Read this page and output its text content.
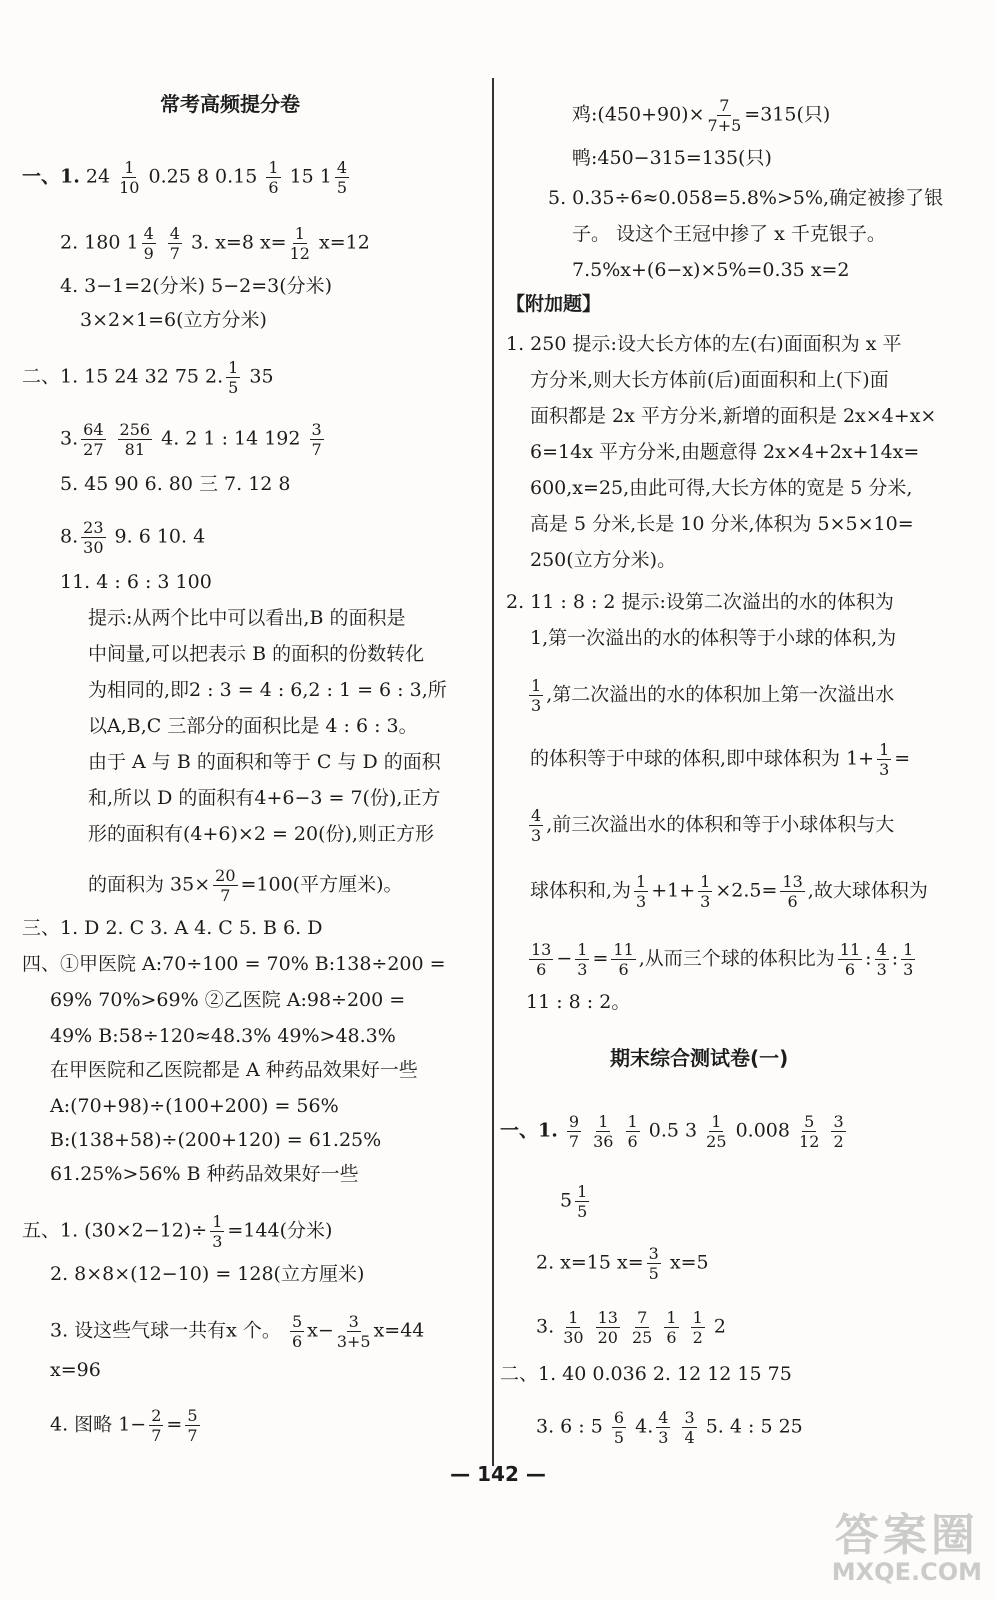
常考高频提分卷
一、1. $24 \frac{1}{10} 0.25$ 8 $0.15 \frac{1}{6} 15$ $1 \frac{4}{5}$
2. 180 $1 \frac{4}{9}$
$\frac{4}{7} 3$. x=8 $x= \frac{1}{12} x=12$
4. 3−1=2(分米) 5−2=3(分米)
3×2×1=6(立方分米)
二、1. 15 24 32 75 2. $\frac{1}{5} 35$
3. $\frac{64}{27}$
$\frac{256}{81} 4$. 2 1 : 14 $192 \frac{3}{7}$
5. 45 90 6. 80 三 7. 12 8
8. $\frac{23}{30} 9$. 6 10. 4
11. 4 : 6 : 3 100
提示:从两个比中可以看出,B 的面积是
中间量,可以把表示 B 的面积的份数转化
为相同的,即2 : 3 = 4 : 6,2 : 1 = 6 : 3,所
以A,B,C 三部分的面积比是 4 : 6 : 3。
由于 A 与 B 的面积和等于 C 与 D 的面积
和,所以 D 的面积有4+6−3 = 7(份),正方
形的面积有(4+6)×2 = 20(份),则正方形
的面积为 $35\times \frac{20}{7} =100$(平方厘米)。
三、1. D 2. C 3. A 4. C 5. B 6. D
四、①甲医院 A:70÷100 = 70% B:138÷200 =
69% 70%>69% ②乙医院 A:98÷200 =
49% B:58÷120≈48.3% 49%>48.3%
在甲医院和乙医院都是 A 种药品效果好一些
A:(70+98)÷(100+200) = 56%
B:(138+58)÷(200+120) = 61.25%
61.25%>56% B 种药品效果好一些
五、1. $(30\times 2-12)\div \frac{1}{3} =144$(分米)
2. 8×8×(12−10) = 128(立方厘米)
3. 设这些气球一共有x 个。 $\frac{5}{6} x- \frac{3}{3+5} x=44$
x=96
4. 图略 $1- \frac{2}{7} = \frac{5}{7}$
鸡:(450+90)× $\frac{7}{7+5} =315$(只)
鸭:450−315=135(只)
5. 0.35÷6≈0.058=5.8%>5%,确定被掺了银
子。 设这个王冠中掺了 x 千克银子。
7.5%x+(6−x)×5%=0.35 x=2
【附加题】
1. 250 提示:设大长方体的左(右)面面积为 x 平
方分米,则大长方体前(后)面面积和上(下)面
面积都是 2x 平方分米,新增的面积是 2x×4+x×
6=14x 平方分米,由题意得 2x×4+2x+14x=
600,x=25,由此可得,大长方体的宽是 5 分米,
高是 5 分米,长是 10 分米,体积为 5×5×10=
250(立方分米)。
2. 11 : 8 : 2 提示:设第二次溢出的水的体积为
1,第一次溢出的水的体积等于小球的体积,为
$\frac{1}{3}$ ,第二次溢出的水的体积加上第一次溢出水
的体积等于中球的体积,即中球体积为 $1+ \frac{1}{3}$ =
$\frac{4}{3}$ ,前三次溢出水的体积和等于小球体积与大
球体积和,为 $\frac{1}{3} +1+ \frac{1}{3} \times 2.5= \frac{13}{6}$ ,故大球体积为
$\frac{13}{6} - \frac{1}{3} = \frac{11}{6}$ ,从而三个球的体积比为 $\frac{11}{6}$ : $\frac{4}{3}$ : $\frac{1}{3}$
11 : 8 : 2。
期末综合测试卷(一)
一、1. $\frac{9}{7}$
$\frac{1}{36}$
$\frac{1}{6} 0.5$ $3 \frac{1}{25} 0.008 \frac{5}{12}$
$\frac{3}{2}$
$5 \frac{1}{5}$
2. x=15 $x= \frac{3}{5} x=5$
3. $\frac{1}{30}$
$\frac{13}{20}$
$\frac{7}{25}$
$\frac{1}{6}$
$\frac{1}{2} 2$
二、1. 40 0.036 2. 12 12 15 75
3. 6 : $5 \frac{6}{5} 4$. $\frac{4}{3}$
$\frac{3}{4} 5$. 4 : 5 25
— 142 —
答案圈
MXQE.COM
